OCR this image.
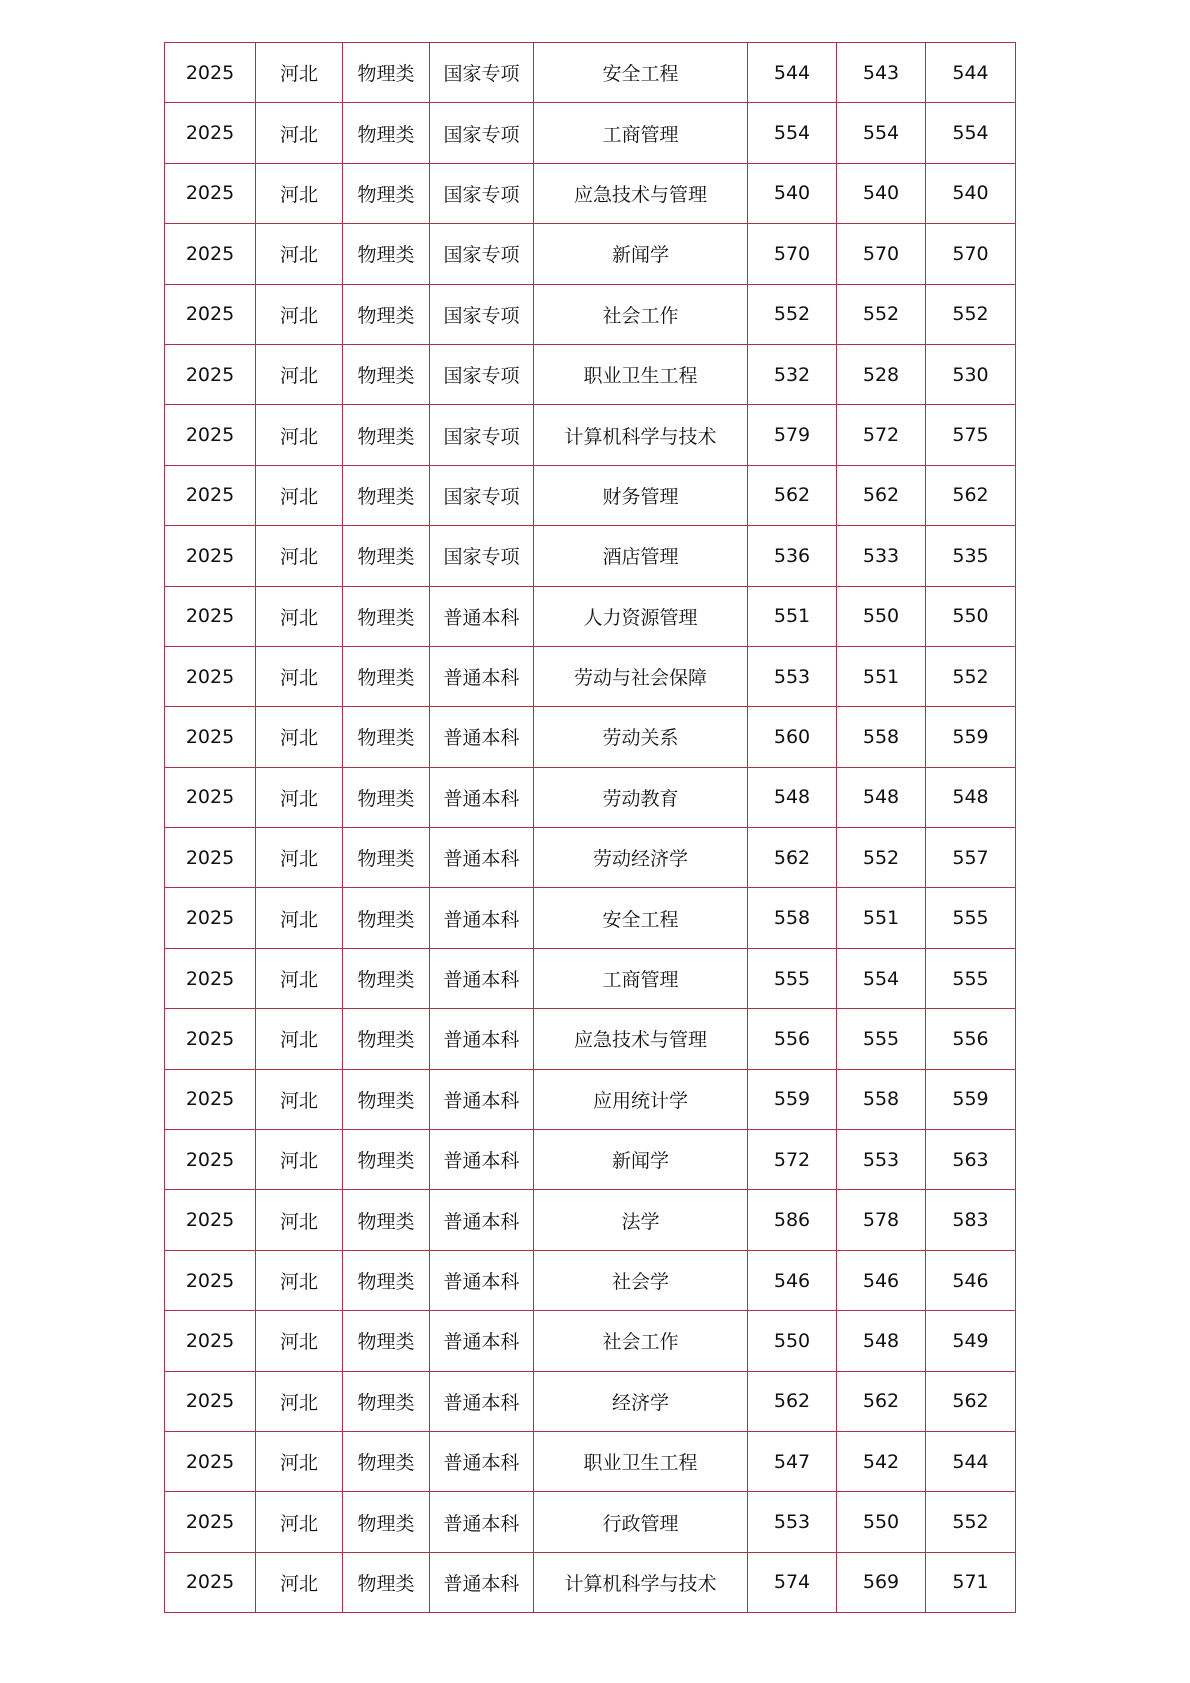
2025	河北	物理类	国家专项	安全工程	544	543	544
2025	河北	物理类	国家专项	工商管理	554	554	554
2025	河北	物理类	国家专项	应急技术与管理	540	540	540
2025	河北	物理类	国家专项	新闻学	570	570	570
2025	河北	物理类	国家专项	社会工作	552	552	552
2025	河北	物理类	国家专项	职业卫生工程	532	528	530
2025	河北	物理类	国家专项	计算机科学与技术	579	572	575
2025	河北	物理类	国家专项	财务管理	562	562	562
2025	河北	物理类	国家专项	酒店管理	536	533	535
2025	河北	物理类	普通本科	人力资源管理	551	550	550
2025	河北	物理类	普通本科	劳动与社会保障	553	551	552
2025	河北	物理类	普通本科	劳动关系	560	558	559
2025	河北	物理类	普通本科	劳动教育	548	548	548
2025	河北	物理类	普通本科	劳动经济学	562	552	557
2025	河北	物理类	普通本科	安全工程	558	551	555
2025	河北	物理类	普通本科	工商管理	555	554	555
2025	河北	物理类	普通本科	应急技术与管理	556	555	556
2025	河北	物理类	普通本科	应用统计学	559	558	559
2025	河北	物理类	普通本科	新闻学	572	553	563
2025	河北	物理类	普通本科	法学	586	578	583
2025	河北	物理类	普通本科	社会学	546	546	546
2025	河北	物理类	普通本科	社会工作	550	548	549
2025	河北	物理类	普通本科	经济学	562	562	562
2025	河北	物理类	普通本科	职业卫生工程	547	542	544
2025	河北	物理类	普通本科	行政管理	553	550	552
2025	河北	物理类	普通本科	计算机科学与技术	574	569	571
